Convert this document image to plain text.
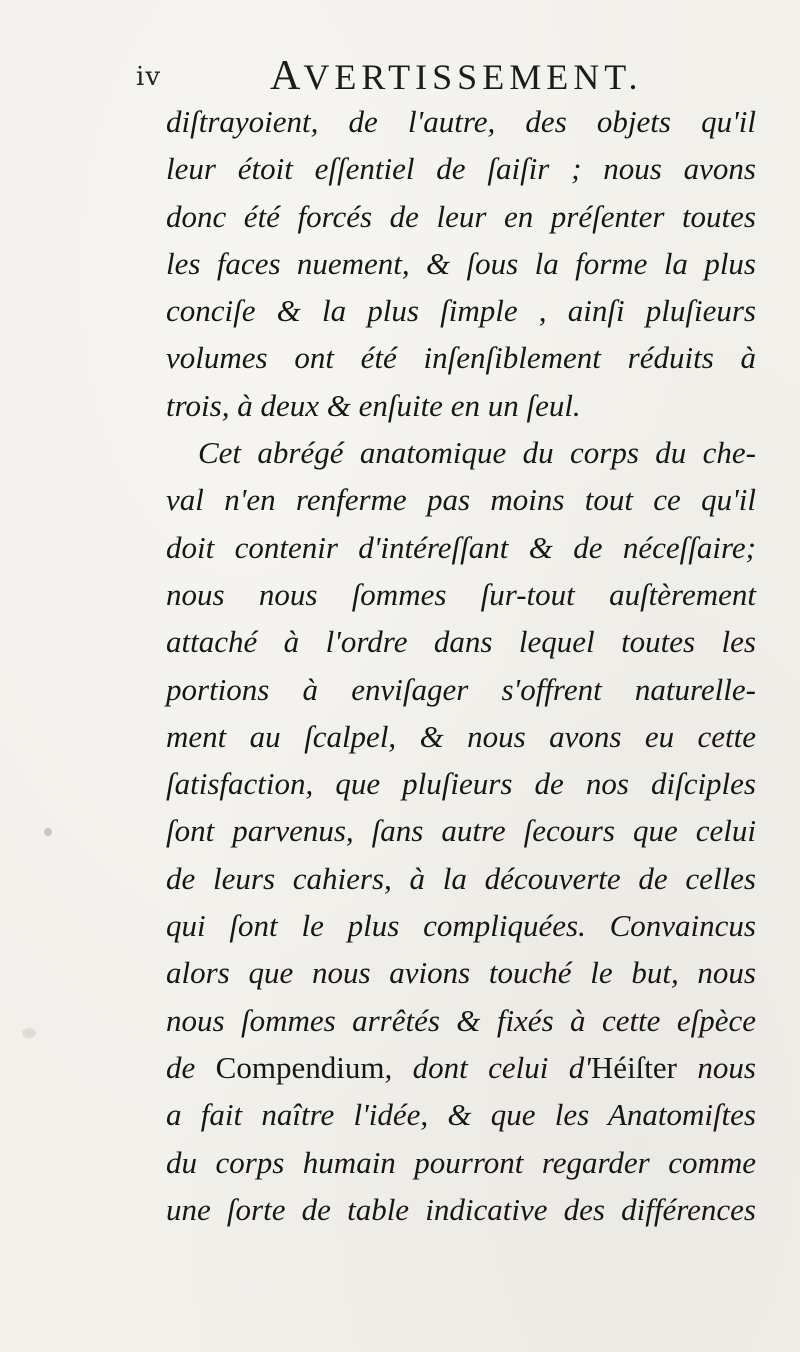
iv	AVERTISSEMENT.
diſtrayoient, de l'autre, des objets qu'il
leur étoit eſſentiel de ſaiſir ; nous avons
donc été forcés de leur en préſenter toutes
les faces nuement, & ſous la forme la plus
conciſe & la plus ſimple , ainſi pluſieurs
volumes ont été inſenſiblement réduits à
trois, à deux & enſuite en un ſeul.
Cet abrégé anatomique du corps du che-
val n'en renferme pas moins tout ce qu'il
doit contenir d'intéreſſant & de néceſſaire;
nous nous ſommes ſur-tout auſtèrement
attaché à l'ordre dans lequel toutes les
portions à enviſager s'offrent naturelle-
ment au ſcalpel, & nous avons eu cette
ſatisfaction, que pluſieurs de nos diſciples
ſont parvenus, ſans autre ſecours que celui
de leurs cahiers, à la découverte de celles
qui ſont le plus compliquées. Convaincus
alors que nous avions touché le but, nous
nous ſommes arrêtés & fixés à cette eſpèce
de Compendium, dont celui d'Héiſter nous
a fait naître l'idée, & que les Anatomiſtes
du corps humain pourront regarder comme
une ſorte de table indicative des différences
